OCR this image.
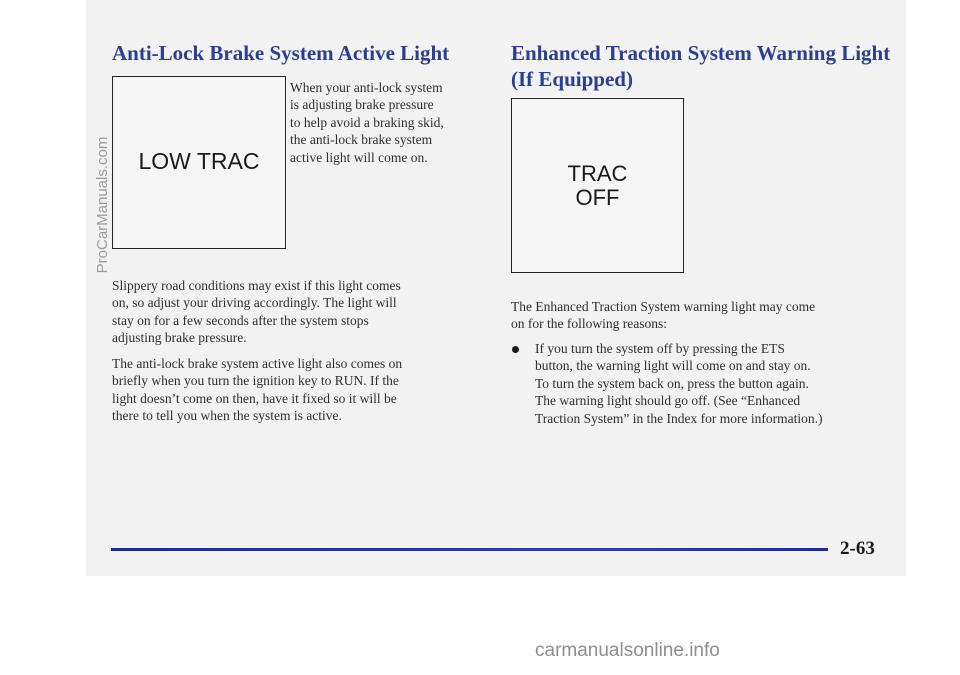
Anti-Lock Brake System Active Light
LOW TRAC
When your anti-lock system
is adjusting brake pressure
to help avoid a braking skid,
the anti-lock brake system
active light will come on.
Slippery road conditions may exist if this light comes
on, so adjust your driving accordingly. The light will
stay on for a few seconds after the system stops
adjusting brake pressure.
The anti-lock brake system active light also comes on
briefly when you turn the ignition key to RUN. If the
light doesn’t come on then, have it fixed so it will be
there to tell you when the system is active.
Enhanced Traction System Warning Light
(If Equipped)
TRAC
OFF
The Enhanced Traction System warning light may come
on for the following reasons:
If you turn the system off by pressing the ETS
button, the warning light will come on and stay on.
To turn the system back on, press the button again.
The warning light should go off. (See “Enhanced
Traction System” in the Index for more information.)
2-63
ProCarManuals.com
carmanualsonline.info
